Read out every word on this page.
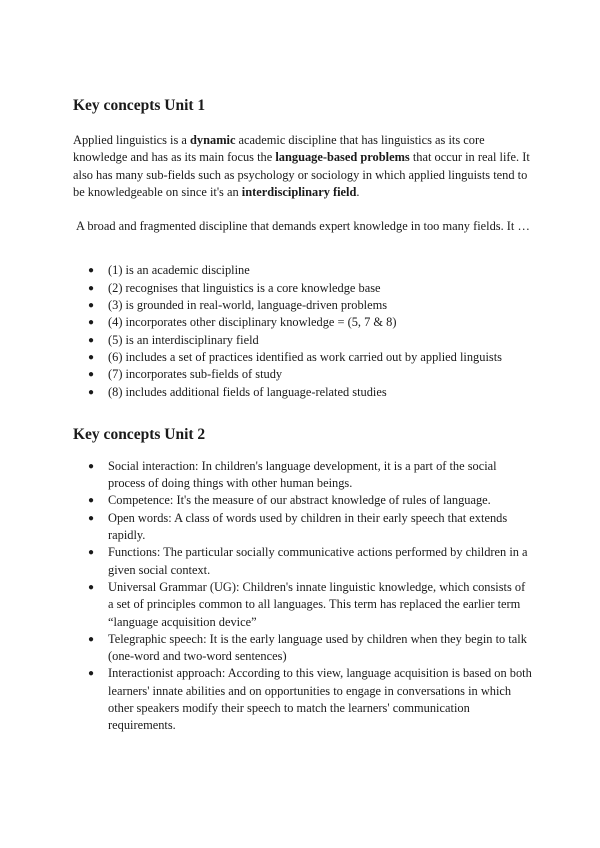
Key concepts Unit 1

Applied linguistics is a dynamic academic discipline that has linguistics as its core knowledge and has as its main focus the language-based problems that occur in real life. It also has many sub-fields such as psychology or sociology in which applied linguists tend to be knowledgeable on since it's an interdisciplinary field.

A broad and fragmented discipline that demands expert knowledge in too many fields. It …

● (1) is an academic discipline
● (2) recognises that linguistics is a core knowledge base
● (3) is grounded in real-world, language-driven problems
● (4) incorporates other disciplinary knowledge = (5, 7 & 8)
● (5) is an interdisciplinary field
● (6) includes a set of practices identified as work carried out by applied linguists
● (7) incorporates sub-fields of study
● (8) includes additional fields of language-related studies
Key concepts Unit 2
● Social interaction: In children's language development, it is a part of the social process of doing things with other human beings.
● Competence: It's the measure of our abstract knowledge of rules of language.
● Open words: A class of words used by children in their early speech that extends rapidly.
● Functions: The particular socially communicative actions performed by children in a given social context.
● Universal Grammar (UG): Children's innate linguistic knowledge, which consists of a set of principles common to all languages. This term has replaced the earlier term “language acquisition device”
● Telegraphic speech: It is the early language used by children when they begin to talk (one-word and two-word sentences)
● Interactionist approach: According to this view, language acquisition is based on both learners' innate abilities and on opportunities to engage in conversations in which other speakers modify their speech to match the learners' communication requirements.
